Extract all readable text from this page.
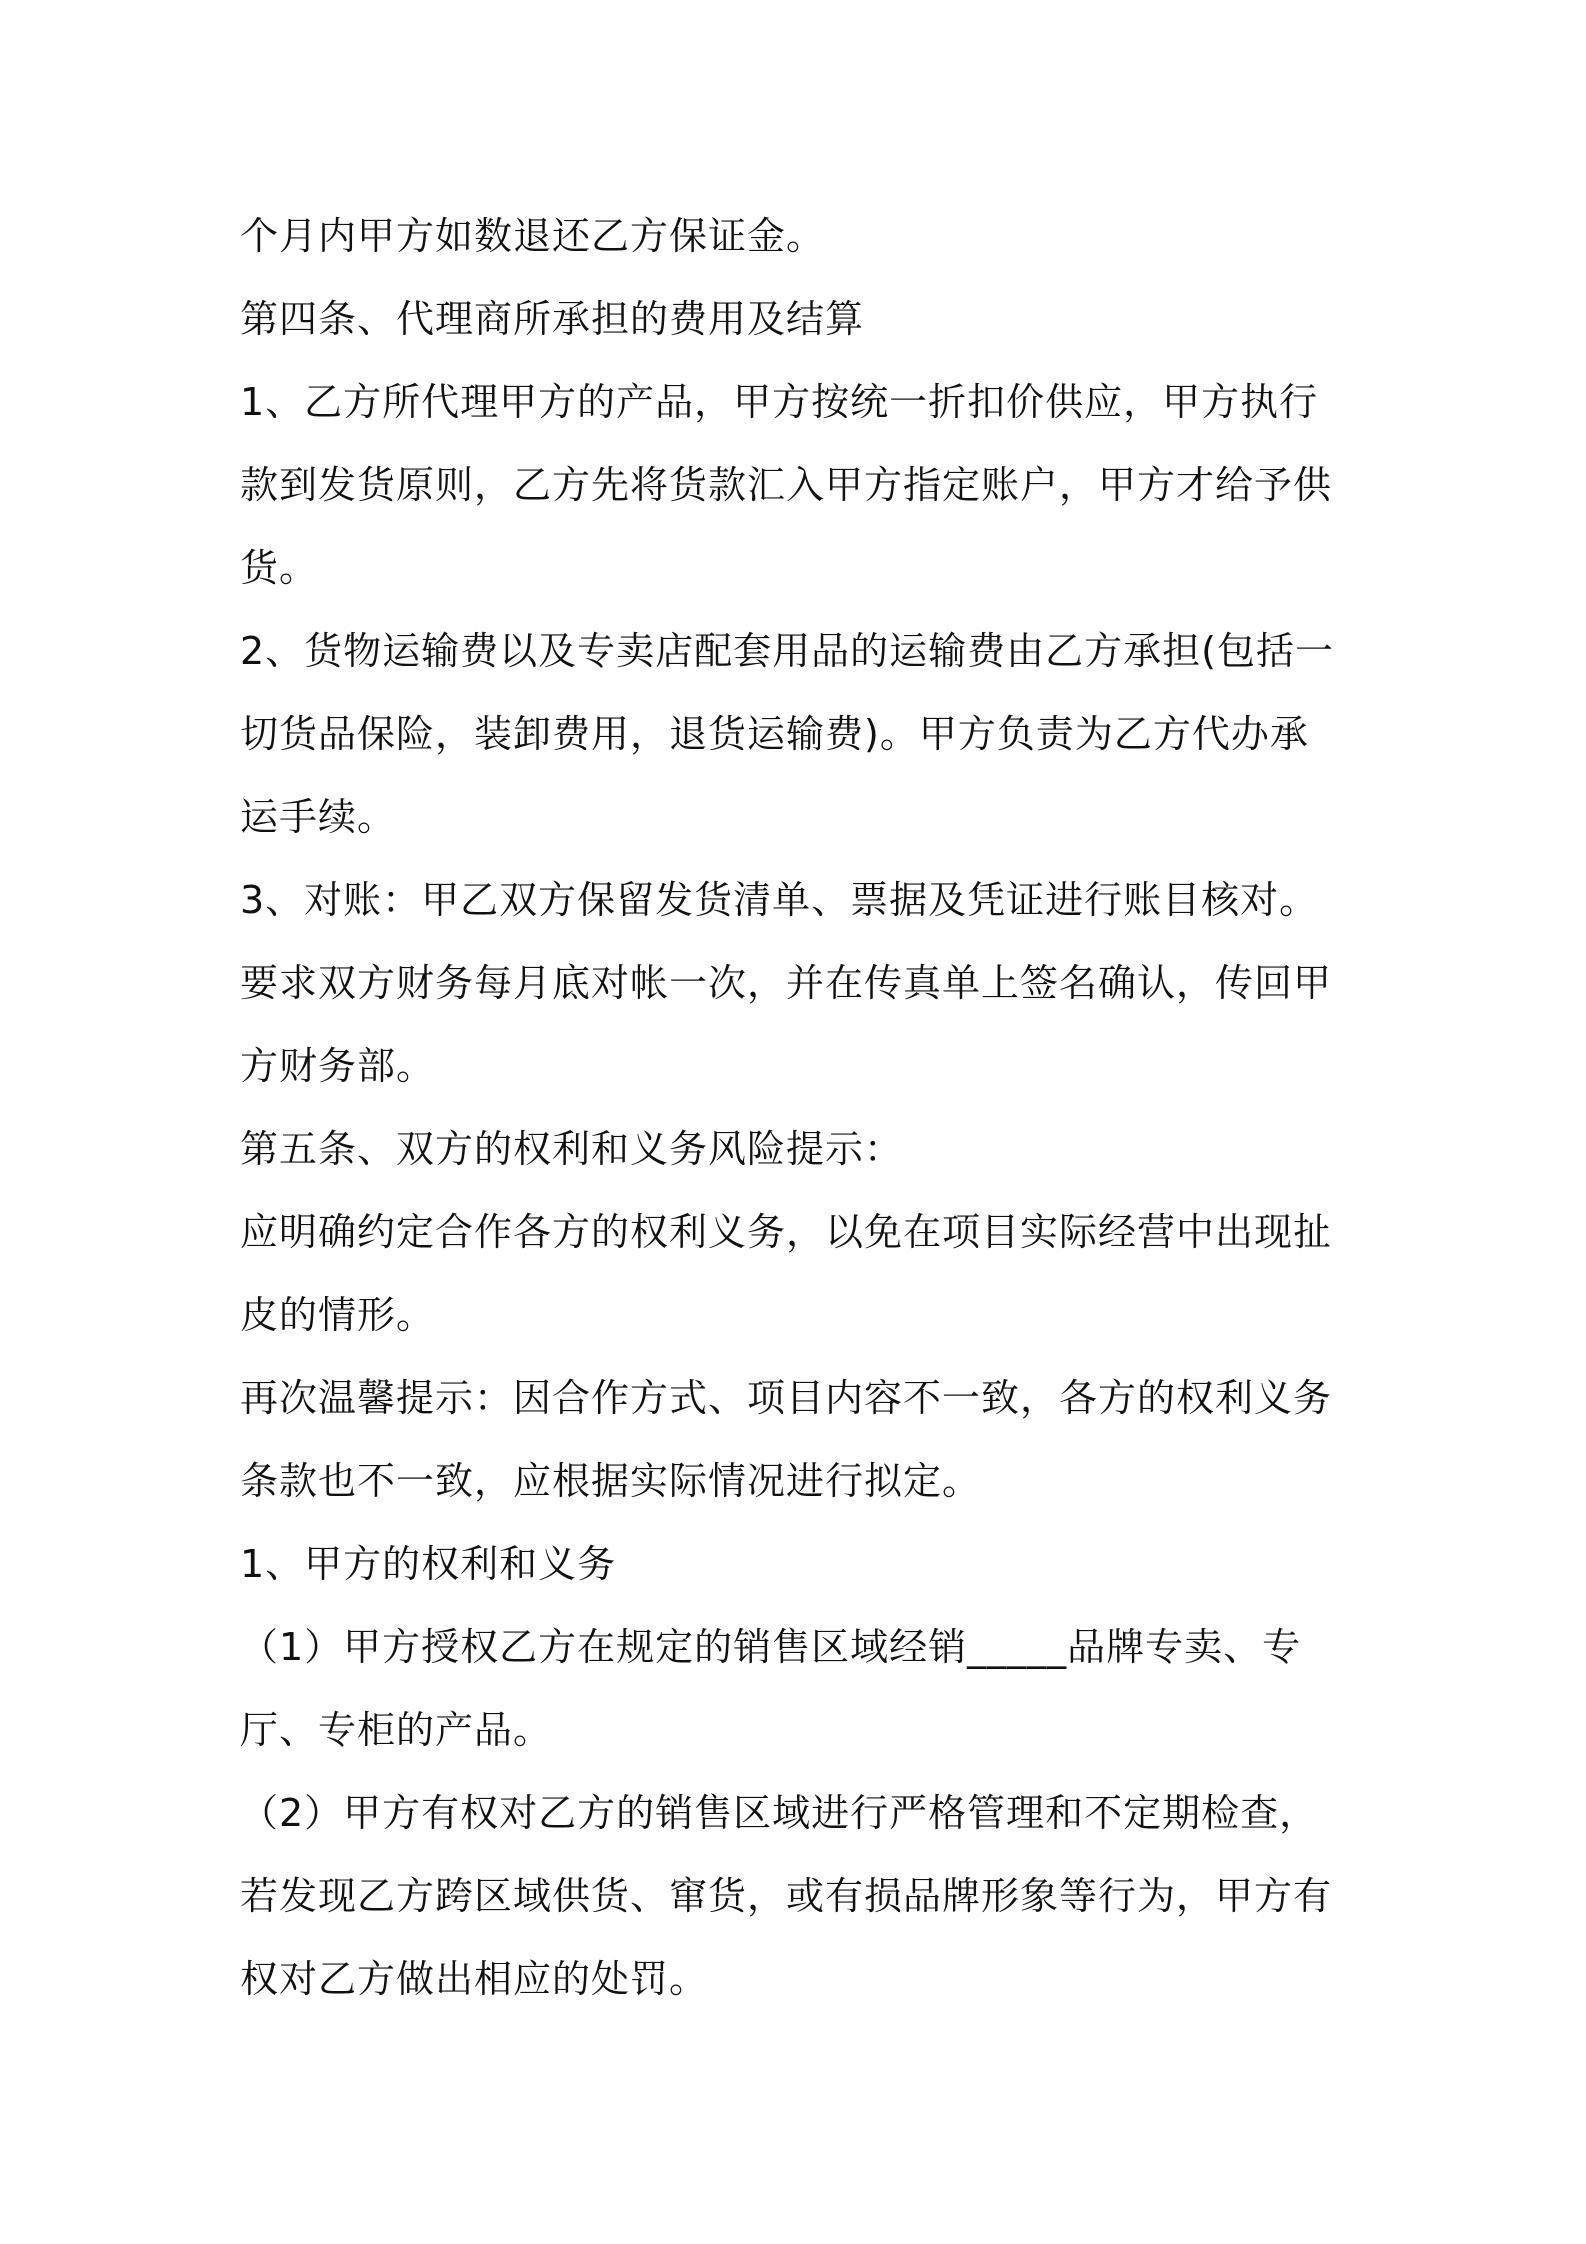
个月内甲方如数退还乙方保证金。
第四条、代理商所承担的费用及结算
1、乙方所代理甲方的产品，甲方按统一折扣价供应，甲方执行
款到发货原则，乙方先将货款汇入甲方指定账户，甲方才给予供
货。
2、货物运输费以及专卖店配套用品的运输费由乙方承担(包括一
切货品保险，装卸费用，退货运输费)。甲方负责为乙方代办承
运手续。
3、对账：甲乙双方保留发货清单、票据及凭证进行账目核对。
要求双方财务每月底对帐一次，并在传真单上签名确认，传回甲
方财务部。
第五条、双方的权利和义务风险提示：
应明确约定合作各方的权利义务，以免在项目实际经营中出现扯
皮的情形。
再次温馨提示：因合作方式、项目内容不一致，各方的权利义务
条款也不一致，应根据实际情况进行拟定。
1、甲方的权利和义务
（1）甲方授权乙方在规定的销售区域经销_____品牌专卖、专
厅、专柜的产品。
（2）甲方有权对乙方的销售区域进行严格管理和不定期检查，
若发现乙方跨区域供货、窜货，或有损品牌形象等行为，甲方有
权对乙方做出相应的处罚。
